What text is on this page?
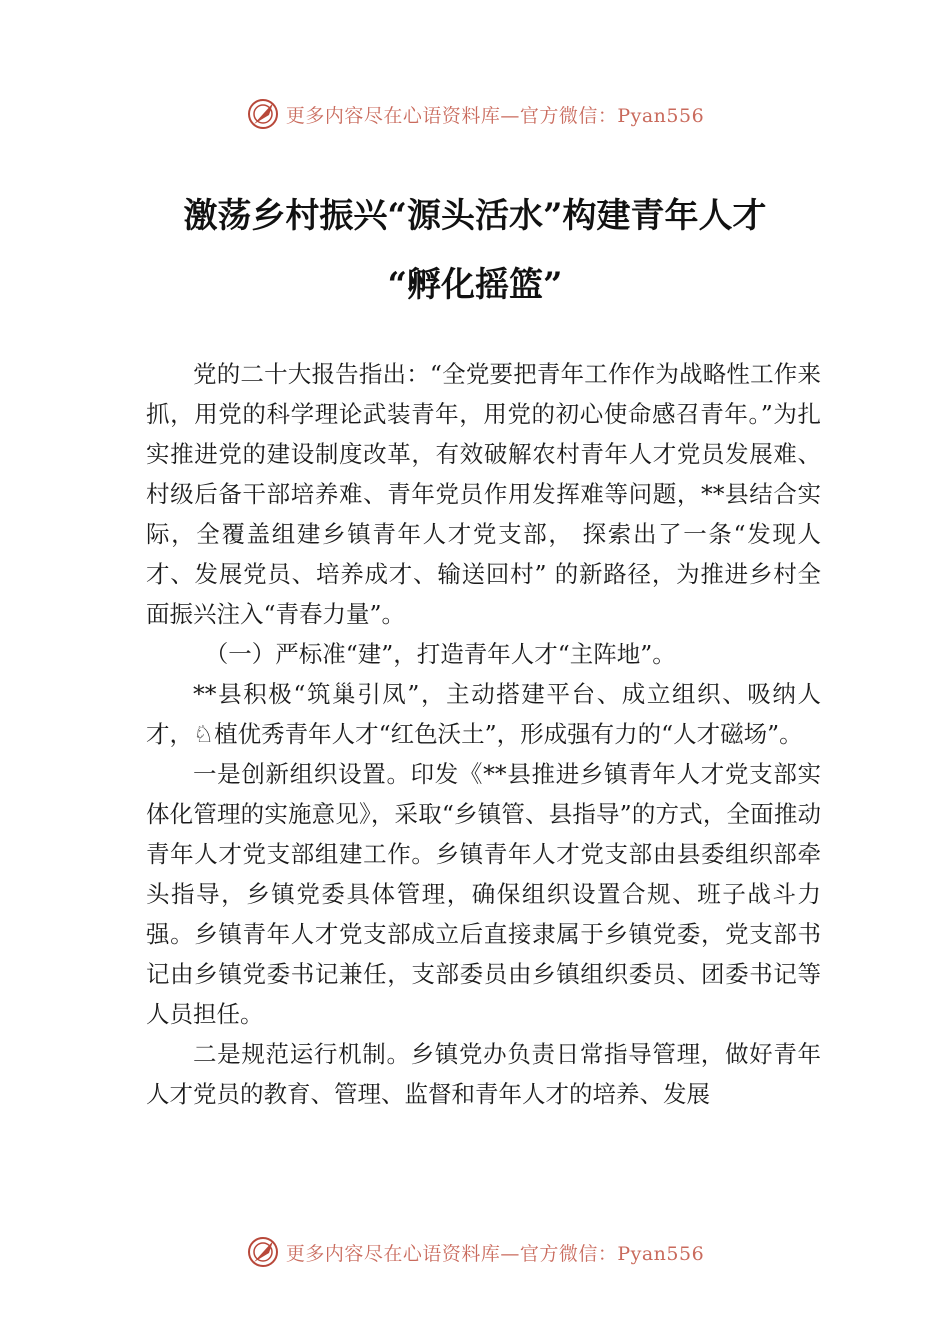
更多内容尽在心语资料库—官方微信：Pyan556
激荡乡村振兴“源头活水”构建青年人才
“孵化摇篮”

党的二十大报告指出：“全党要把青年工作作为战略性工作来抓，用党的科学理论武装青年，用党的初心使命感召青年。”为扎实推进党的建设制度改革，有效破解农村青年人才党员发展难、村级后备干部培养难、青年党员作用发挥难等问题，**县结合实际，全覆盖组建乡镇青年人才党支部， 探索出了一条“发现人才、发展党员、培养成才、输送回村” 的新路径，为推进乡村全面振兴注入“青春力量”。

（一）严标准“建”，打造青年人才“主阵地”。

**县积极“筑巢引凤”，主动搭建平台、成立组织、吸纳人才，♘植优秀青年人才“红色沃土”，形成强有力的“人才磁场”。

一是创新组织设置。印发《**县推进乡镇青年人才党支部实体化管理的实施意见》，采取“乡镇管、县指导”的方式，全面推动青年人才党支部组建工作。乡镇青年人才党支部由县委组织部牵头指导，乡镇党委具体管理，确保组织设置合规、班子战斗力强。乡镇青年人才党支部成立后直接隶属于乡镇党委，党支部书记由乡镇党委书记兼任，支部委员由乡镇组织委员、团委书记等人员担任。

二是规范运行机制。乡镇党办负责日常指导管理，做好青年人才党员的教育、管理、监督和青年人才的培养、发展

更多内容尽在心语资料库—官方微信：Pyan556
